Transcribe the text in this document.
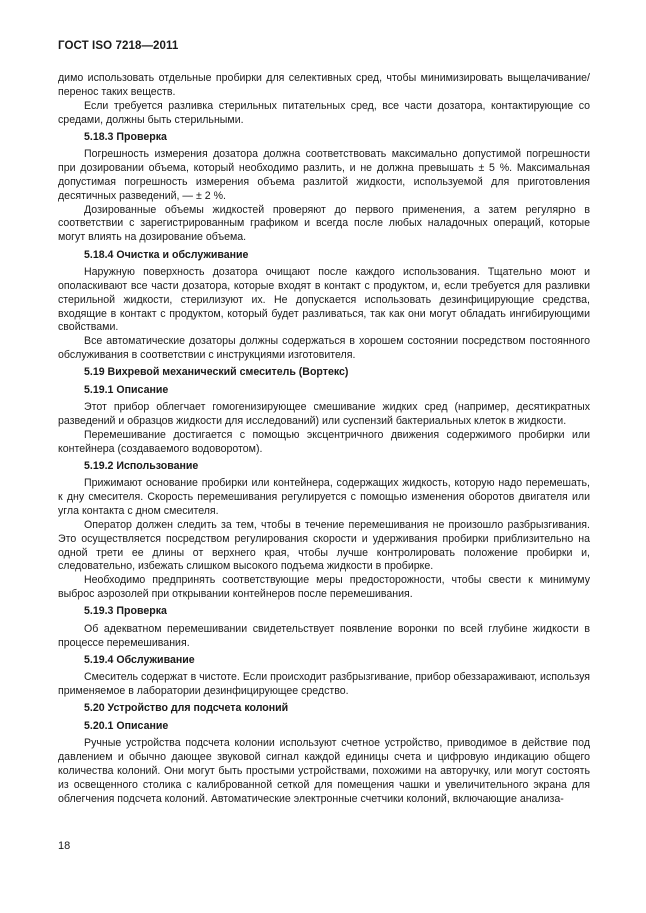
ГОСТ ISO 7218—2011

димо использовать отдельные пробирки для селективных сред, чтобы минимизировать выщелачивание/перенос таких веществ.

Если требуется разливка стерильных питательных сред, все части дозатора, контактирующие со средами, должны быть стерильными.

5.18.3 Проверка

Погрешность измерения дозатора должна соответствовать максимально допустимой погрешности при дозировании объема, который необходимо разлить, и не должна превышать ± 5 %. Максимальная допустимая погрешность измерения объема разлитой жидкости, используемой для приготовления десятичных разведений, — ± 2 %.

Дозированные объемы жидкостей проверяют до первого применения, а затем регулярно в соответствии с зарегистрированным графиком и всегда после любых наладочных операций, которые могут влиять на дозирование объема.

5.18.4 Очистка и обслуживание

Наружную поверхность дозатора очищают после каждого использования. Тщательно моют и ополаскивают все части дозатора, которые входят в контакт с продуктом, и, если требуется для разливки стерильной жидкости, стерилизуют их. Не допускается использовать дезинфицирующие средства, входящие в контакт с продуктом, который будет разливаться, так как они могут обладать ингибирующими свойствами.

Все автоматические дозаторы должны содержаться в хорошем состоянии посредством постоянного обслуживания в соответствии с инструкциями изготовителя.

5.19 Вихревой механический смеситель (Вортекс)
5.19.1 Описание

Этот прибор облегчает гомогенизирующее смешивание жидких сред (например, десятикратных разведений и образцов жидкости для исследований) или суспензий бактериальных клеток в жидкости.

Перемешивание достигается с помощью эксцентричного движения содержимого пробирки или контейнера (создаваемого водоворотом).

5.19.2 Использование

Прижимают основание пробирки или контейнера, содержащих жидкость, которую надо перемешать, к дну смесителя. Скорость перемешивания регулируется с помощью изменения оборотов двигателя или угла контакта с дном смесителя.

Оператор должен следить за тем, чтобы в течение перемешивания не произошло разбрызгивания. Это осуществляется посредством регулирования скорости и удерживания пробирки приблизительно на одной трети ее длины от верхнего края, чтобы лучше контролировать положение пробирки и, следовательно, избежать слишком высокого подъема жидкости в пробирке.

Необходимо предпринять соответствующие меры предосторожности, чтобы свести к минимуму выброс аэрозолей при открывании контейнеров после перемешивания.

5.19.3 Проверка

Об адекватном перемешивании свидетельствует появление воронки по всей глубине жидкости в процессе перемешивания.

5.19.4 Обслуживание

Смеситель содержат в чистоте. Если происходит разбрызгивание, прибор обеззараживают, используя применяемое в лаборатории дезинфицирующее средство.

5.20 Устройство для подсчета колоний
5.20.1 Описание

Ручные устройства подсчета колонии используют счетное устройство, приводимое в действие под давлением и обычно дающее звуковой сигнал каждой единицы счета и цифровую индикацию общего количества колоний. Они могут быть простыми устройствами, похожими на авторучку, или могут состоять из освещенного столика с калиброванной сеткой для помещения чашки и увеличительного экрана для облегчения подсчета колоний. Автоматические электронные счетчики колоний, включающие анализа-

18
